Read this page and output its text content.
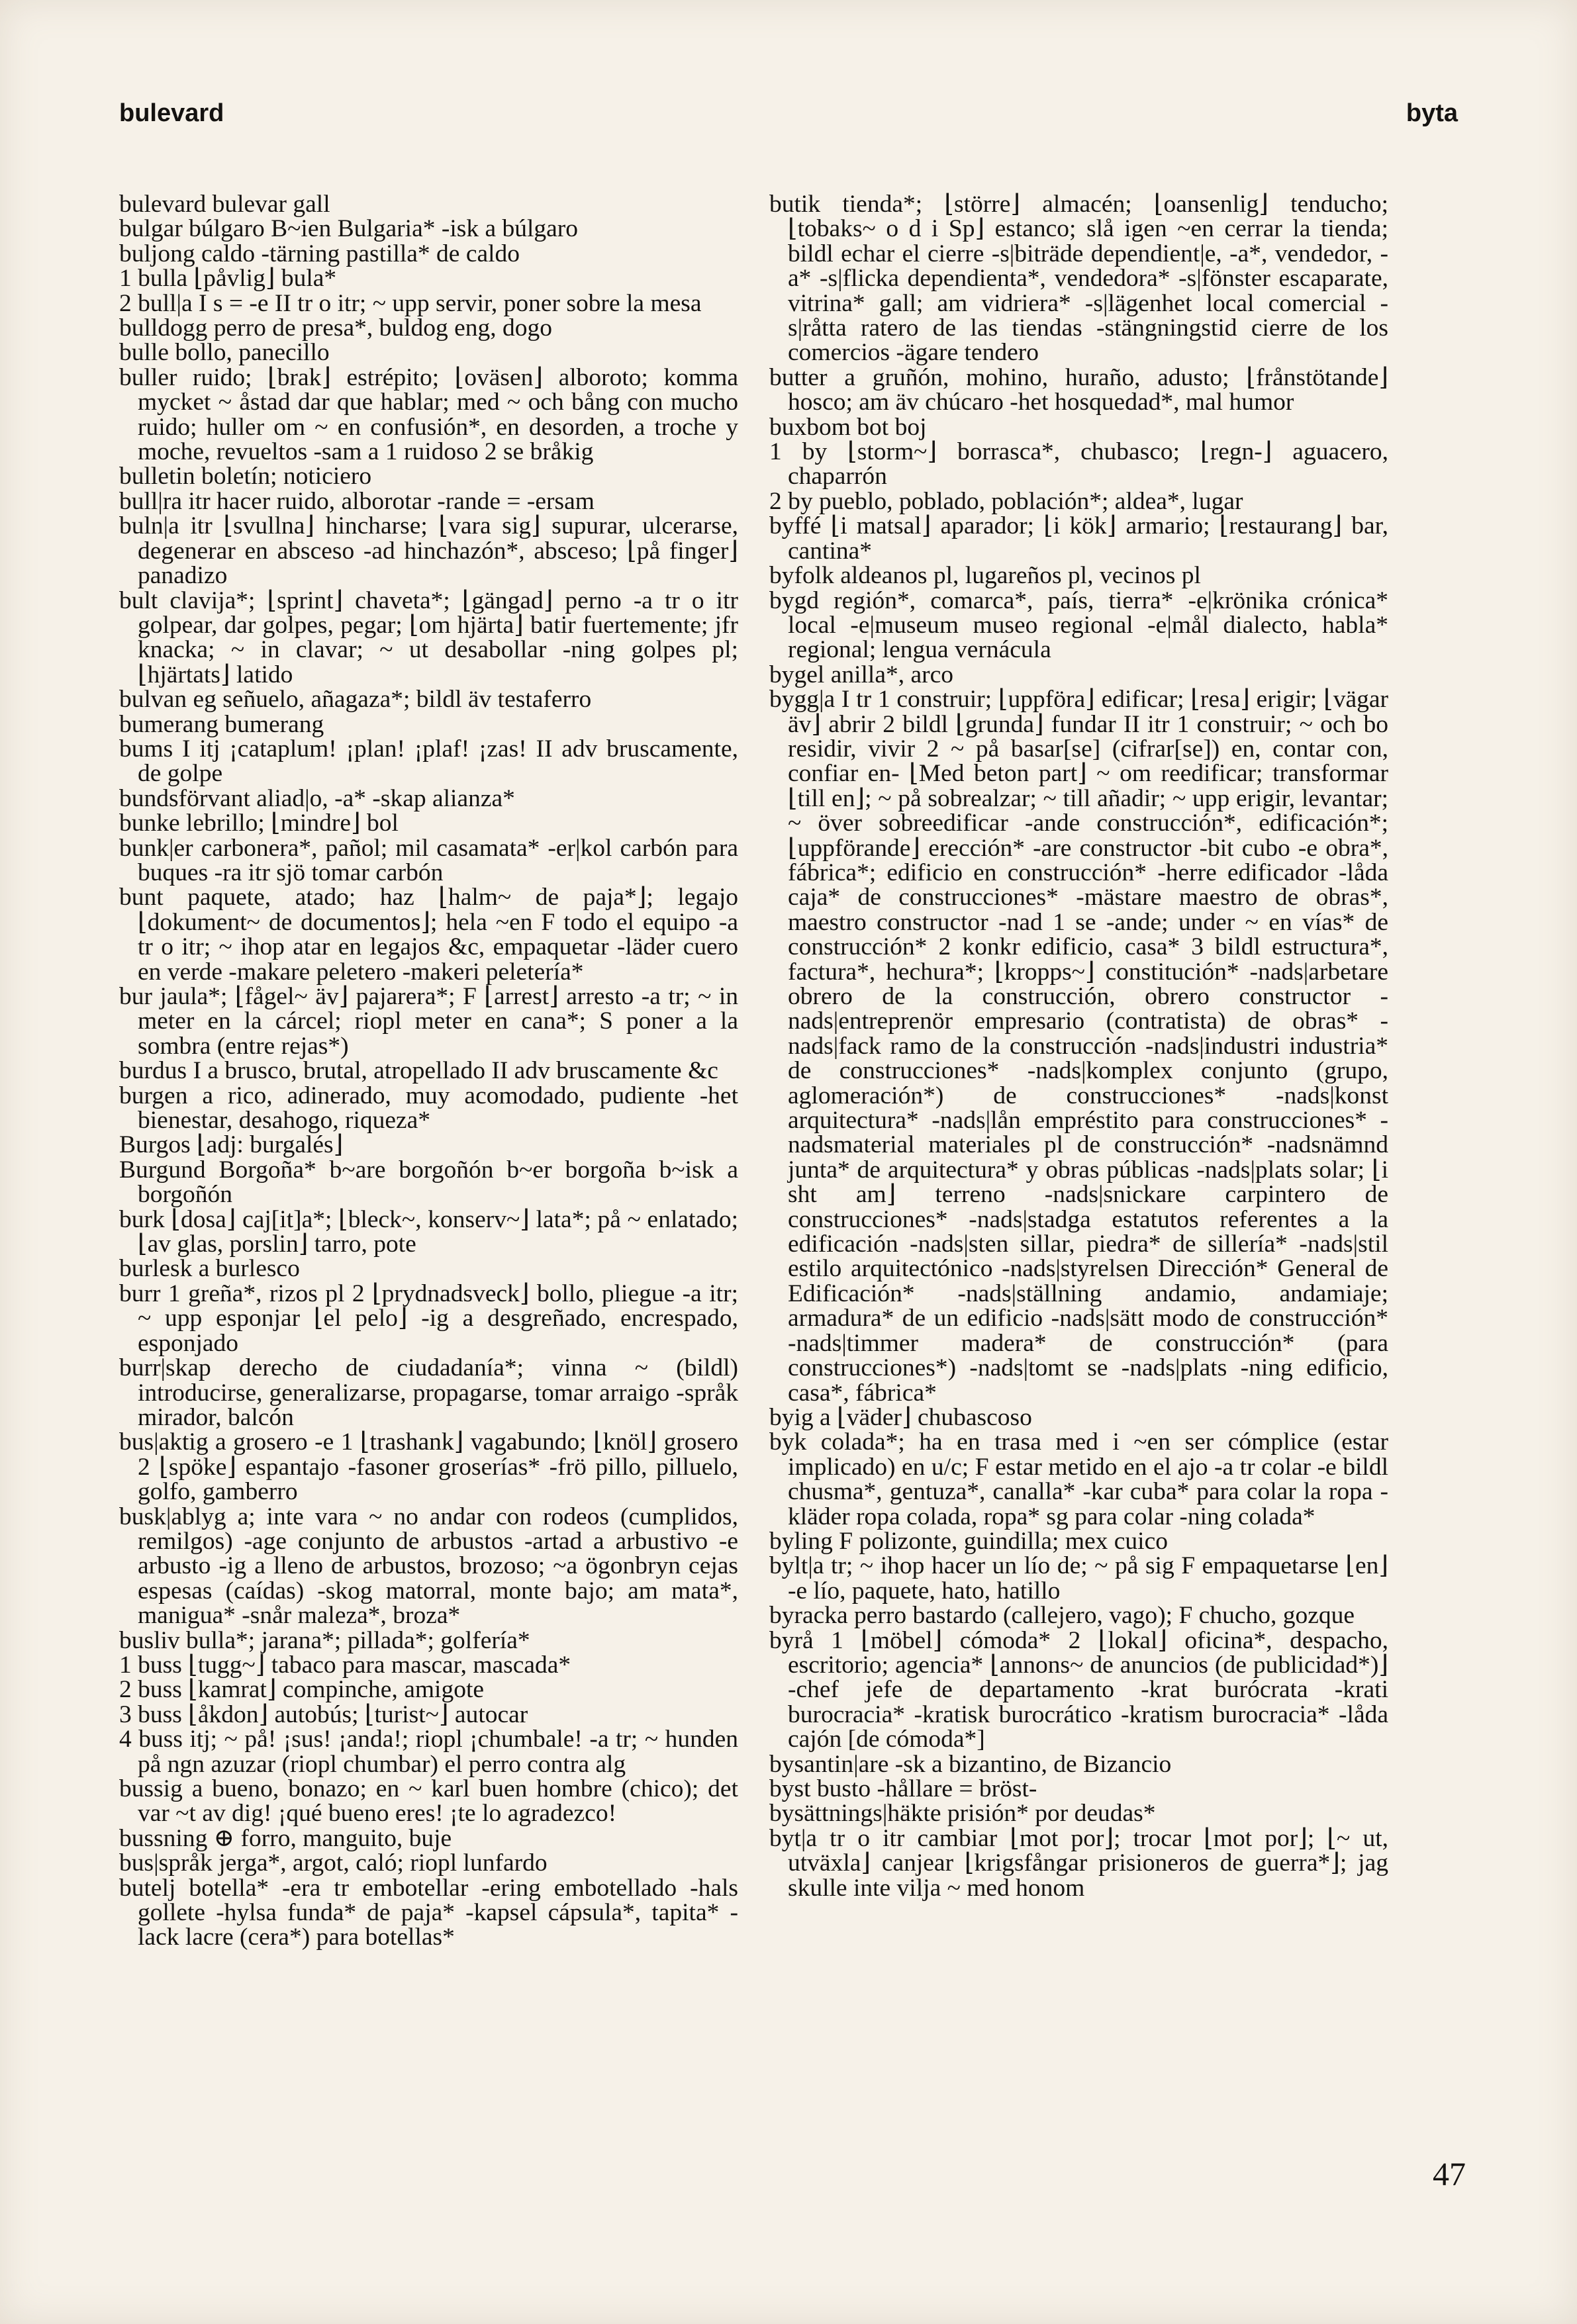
bulevard	byta

bulevard bulevar gall

bulgar búlgaro B~ien Bulgaria* -isk a búlgaro

buljong caldo -tärning pastilla* de caldo

1 bulla ⌊påvlig⌋ bula*

2 bull|a I s = -e II tr o itr; ~ upp servir, poner sobre la mesa

bulldogg perro de presa*, buldog eng, dogo

bulle bollo, panecillo

buller ruido; ⌊brak⌋ estrépito; ⌊oväsen⌋ alboroto; komma mycket ~ åstad dar que hablar; med ~ och bång con mucho ruido; huller om ~ en confusión*, en desorden, a troche y moche, revueltos -sam a 1 ruidoso 2 se bråkig

bulletin boletín; noticiero

bull|ra itr hacer ruido, alborotar -rande = -ersam

buln|a itr ⌊svullna⌋ hincharse; ⌊vara sig⌋ supurar, ulcerarse, degenerar en absceso -ad hinchazón*, absceso; ⌊på finger⌋ panadizo

bult clavija*; ⌊sprint⌋ chaveta*; ⌊gängad⌋ perno -a tr o itr golpear, dar golpes, pegar; ⌊om hjärta⌋ batir fuertemente; jfr knacka; ~ in clavar; ~ ut desabollar -ning golpes pl; ⌊hjärtats⌋ latido

bulvan eg señuelo, añagaza*; bildl äv testaferro

bumerang bumerang

bums I itj ¡cataplum! ¡plan! ¡plaf! ¡zas! II adv bruscamente, de golpe

bundsförvant aliad|o, -a* -skap alianza*

bunke lebrillo; ⌊mindre⌋ bol

bunk|er carbonera*, pañol; mil casamata* -er|kol carbón para buques -ra itr sjö tomar carbón

bunt paquete, atado; haz ⌊halm~ de paja*⌋; legajo ⌊dokument~ de documentos⌋; hela ~en F todo el equipo -a tr o itr; ~ ihop atar en legajos &c, empaquetar -läder cuero en verde -makare peletero -makeri peletería*

bur jaula*; ⌊fågel~ äv⌋ pajarera*; F ⌊arrest⌋ arresto -a tr; ~ in meter en la cárcel; riopl meter en cana*; S poner a la sombra (entre rejas*)

burdus I a brusco, brutal, atropellado II adv bruscamente &c

burgen a rico, adinerado, muy acomodado, pudiente -het bienestar, desahogo, riqueza*

Burgos ⌊adj: burgalés⌋

Burgund Borgoña* b~are borgoñón b~er borgoña b~isk a borgoñón

burk ⌊dosa⌋ caj[it]a*; ⌊bleck~, konserv~⌋ lata*; på ~ enlatado; ⌊av glas, porslin⌋ tarro, pote

burlesk a burlesco

burr 1 greña*, rizos pl 2 ⌊prydnadsveck⌋ bollo, pliegue -a itr; ~ upp esponjar ⌊el pelo⌋ -ig a desgreñado, encrespado, esponjado

burr|skap derecho de ciudadanía*; vinna ~ (bildl) introducirse, generalizarse, propagarse, tomar arraigo -språk mirador, balcón

bus|aktig a grosero -e 1 ⌊trashank⌋ vagabundo; ⌊knöl⌋ grosero 2 ⌊spöke⌋ espantajo -fasoner groserías* -frö pillo, pilluelo, golfo, gamberro

busk|ablyg a; inte vara ~ no andar con rodeos (cumplidos, remilgos) -age conjunto de arbustos -artad a arbustivo -e arbusto -ig a lleno de arbustos, brozoso; ~a ögonbryn cejas espesas (caídas) -skog matorral, monte bajo; am mata*, manigua* -snår maleza*, broza*

busliv bulla*; jarana*; pillada*; golfería*

1 buss ⌊tugg~⌋ tabaco para mascar, mascada*

2 buss ⌊kamrat⌋ compinche, amigote

3 buss ⌊åkdon⌋ autobús; ⌊turist~⌋ autocar

4 buss itj; ~ på! ¡sus! ¡anda!; riopl ¡chumbale! -a tr; ~ hunden på ngn azuzar (riopl chumbar) el perro contra alg

bussig a bueno, bonazo; en ~ karl buen hombre (chico); det var ~t av dig! ¡qué bueno eres! ¡te lo agradezco!

bussning ⊕ forro, manguito, buje

bus|språk jerga*, argot, caló; riopl lunfardo

butelj botella* -era tr embotellar -ering embotellado -hals gollete -hylsa funda* de paja* -kapsel cápsula*, tapita* -lack lacre (cera*) para botellas*

butik tienda*; ⌊större⌋ almacén; ⌊oansenlig⌋ tenducho; ⌊tobaks~ o d i Sp⌋ estanco; slå igen ~en cerrar la tienda; bildl echar el cierre -s|biträde dependient|e, -a*, vendedor, -a* -s|flicka dependienta*, vendedora* -s|fönster escaparate, vitrina* gall; am vidriera* -s|lägenhet local comercial -s|råtta ratero de las tiendas -stängningstid cierre de los comercios -ägare tendero

butter a gruñón, mohino, huraño, adusto; ⌊frånstötande⌋ hosco; am äv chúcaro -het hosquedad*, mal humor

buxbom bot boj

1 by ⌊storm~⌋ borrasca*, chubasco; ⌊regn-⌋ aguacero, chaparrón

2 by pueblo, poblado, población*; aldea*, lugar

byffé ⌊i matsal⌋ aparador; ⌊i kök⌋ armario; ⌊restaurang⌋ bar, cantina*

byfolk aldeanos pl, lugareños pl, vecinos pl

bygd región*, comarca*, país, tierra* -e|krönika crónica* local -e|museum museo regional -e|mål dialecto, habla* regional; lengua vernácula

bygel anilla*, arco

bygg|a I tr 1 construir; ⌊uppföra⌋ edificar; ⌊resa⌋ erigir; ⌊vägar äv⌋ abrir 2 bildl ⌊grunda⌋ fundar II itr 1 construir; ~ och bo residir, vivir 2 ~ på basar[se] (cifrar[se]) en, contar con, confiar en- ⌊Med beton part⌋ ~ om reedificar; transformar ⌊till en⌋; ~ på sobrealzar; ~ till añadir; ~ upp erigir, levantar; ~ över sobreedificar -ande construcción*, edificación*; ⌊uppförande⌋ erección* -are constructor -bit cubo -e obra*, fábrica*; edificio en construcción* -herre edificador -låda caja* de construcciones* -mästare maestro de obras*, maestro constructor -nad 1 se -ande; under ~ en vías* de construcción* 2 konkr edificio, casa* 3 bildl estructura*, factura*, hechura*; ⌊kropps~⌋ constitución* -nads|arbetare obrero de la construcción, obrero constructor -nads|entreprenör empresario (contratista) de obras* -nads|fack ramo de la construcción -nads|industri industria* de construcciones* -nads|komplex conjunto (grupo, aglomeración*) de construcciones* -nads|konst arquitectura* -nads|lån empréstito para construcciones* -nadsmaterial materiales pl de construcción* -nadsnämnd junta* de arquitectura* y obras públicas -nads|plats solar; ⌊i sht am⌋ terreno -nads|snickare carpintero de construcciones* -nads|stadga estatutos referentes a la edificación -nads|sten sillar, piedra* de sillería* -nads|stil estilo arquitectónico -nads|styrelsen Dirección* General de Edificación* -nads|ställning andamio, andamiaje; armadura* de un edificio -nads|sätt modo de construcción* -nads|timmer madera* de construcción* (para construcciones*) -nads|tomt se -nads|plats -ning edificio, casa*, fábrica*

byig a ⌊väder⌋ chubascoso

byk colada*; ha en trasa med i ~en ser cómplice (estar implicado) en u/c; F estar metido en el ajo -a tr colar -e bildl chusma*, gentuza*, canalla* -kar cuba* para colar la ropa -kläder ropa colada, ropa* sg para colar -ning colada*

byling F polizonte, guindilla; mex cuico

bylt|a tr; ~ ihop hacer un lío de; ~ på sig F empaquetarse ⌊en⌋ -e lío, paquete, hato, hatillo

byracka perro bastardo (callejero, vago); F chucho, gozque

byrå 1 ⌊möbel⌋ cómoda* 2 ⌊lokal⌋ oficina*, despacho, escritorio; agencia* ⌊annons~ de anuncios (de publicidad*)⌋ -chef jefe de departamento -krat burócrata -krati burocracia* -kratisk burocrático -kratism burocracia* -låda cajón [de cómoda*]

bysantin|are -sk a bizantino, de Bizancio

byst busto -hållare = bröst-

bysättnings|häkte prisión* por deudas*

byt|a tr o itr cambiar ⌊mot por⌋; trocar ⌊mot por⌋; ⌊~ ut, utväxla⌋ canjear ⌊krigsfångar prisioneros de guerra*⌋; jag skulle inte vilja ~ med honom

47
